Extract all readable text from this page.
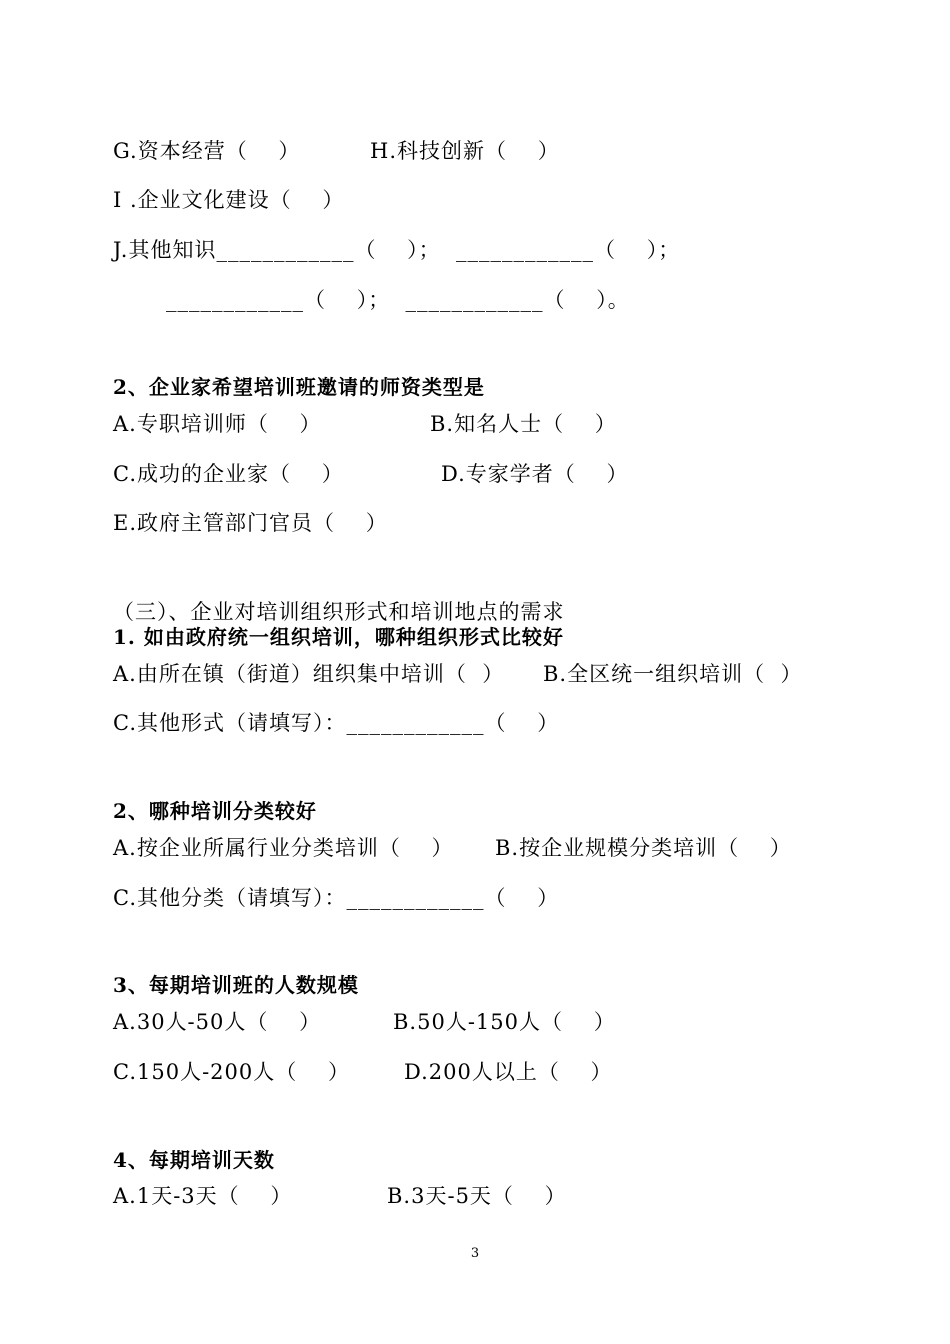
G.资本经营（    ）	H.科技创新（    ）
I .企业文化建设（    ）
J.其他知识____________（    ）；  ____________（    ）；
____________（    ）；  ____________（    ）。
2、企业家希望培训班邀请的师资类型是
A.专职培训师（    ）	B.知名人士（    ）
C.成功的企业家（    ）	D.专家学者（    ）
E.政府主管部门官员（    ）
（三）、企业对培训组织形式和培训地点的需求
1. 如由政府统一组织培训，哪种组织形式比较好
A.由所在镇（街道）组织集中培训（  ） B.全区统一组织培训（  ）
C.其他形式（请填写）：____________（    ）
2、哪种培训分类较好
A.按企业所属行业分类培训（    ） B.按企业规模分类培训（    ）
C.其他分类（请填写）：____________（    ）
3、每期培训班的人数规模
A.30人-50人（    ）	B.50人-150人（    ）
C.150人-200人（    ）	D.200人以上（    ）
4、每期培训天数
A.1天-3天（    ）	B.3天-5天（    ）
3
